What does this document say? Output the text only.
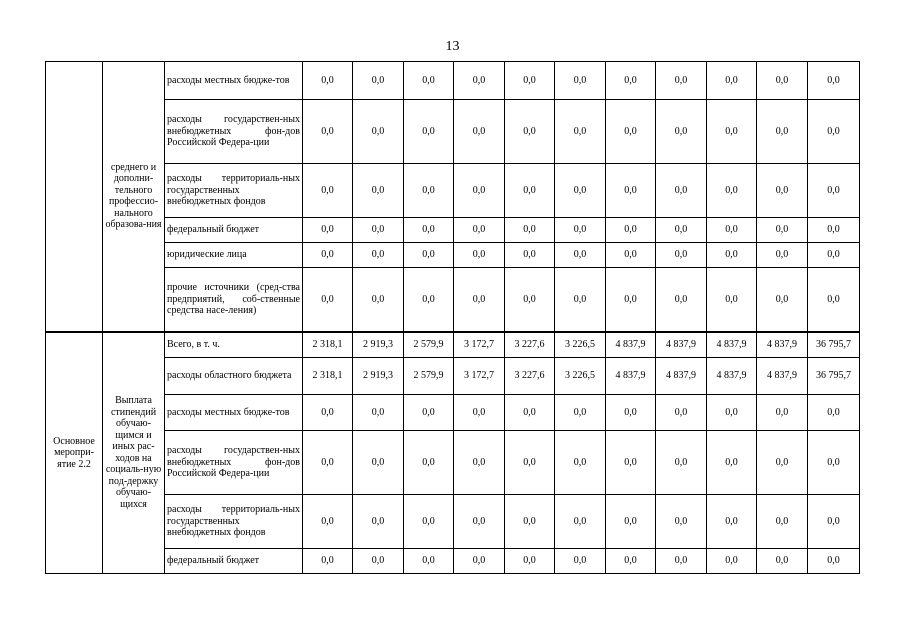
13
	среднего и дополни-тельного профессио-нального образова-ния	расходы местных бюдже-тов	0,0	0,0	0,0	0,0	0,0	0,0	0,0	0,0	0,0	0,0	0,0
		расходы государствен-ных внебюджетных фон-дов Российской Федера-ции	0,0	0,0	0,0	0,0	0,0	0,0	0,0	0,0	0,0	0,0	0,0
		расходы территориаль-ных государственных внебюджетных фондов	0,0	0,0	0,0	0,0	0,0	0,0	0,0	0,0	0,0	0,0	0,0
		федеральный бюджет	0,0	0,0	0,0	0,0	0,0	0,0	0,0	0,0	0,0	0,0	0,0
		юридические лица	0,0	0,0	0,0	0,0	0,0	0,0	0,0	0,0	0,0	0,0	0,0
		прочие источники (сред-ства предприятий, соб-ственные средства насе-ления)	0,0	0,0	0,0	0,0	0,0	0,0	0,0	0,0	0,0	0,0	0,0
Основное меропри-ятие 2.2	Выплата стипендий обучаю-щимся и иных рас-ходов на социаль-ную под-держку обучаю-щихся	Всего, в т. ч.	2 318,1	2 919,3	2 579,9	3 172,7	3 227,6	3 226,5	4 837,9	4 837,9	4 837,9	4 837,9	36 795,7
		расходы областного бюджета	2 318,1	2 919,3	2 579,9	3 172,7	3 227,6	3 226,5	4 837,9	4 837,9	4 837,9	4 837,9	36 795,7
		расходы местных бюдже-тов	0,0	0,0	0,0	0,0	0,0	0,0	0,0	0,0	0,0	0,0	0,0
		расходы государствен-ных внебюджетных фон-дов Российской Федера-ции	0,0	0,0	0,0	0,0	0,0	0,0	0,0	0,0	0,0	0,0	0,0
		расходы территориаль-ных государственных внебюджетных фондов	0,0	0,0	0,0	0,0	0,0	0,0	0,0	0,0	0,0	0,0	0,0
		федеральный бюджет	0,0	0,0	0,0	0,0	0,0	0,0	0,0	0,0	0,0	0,0	0,0
